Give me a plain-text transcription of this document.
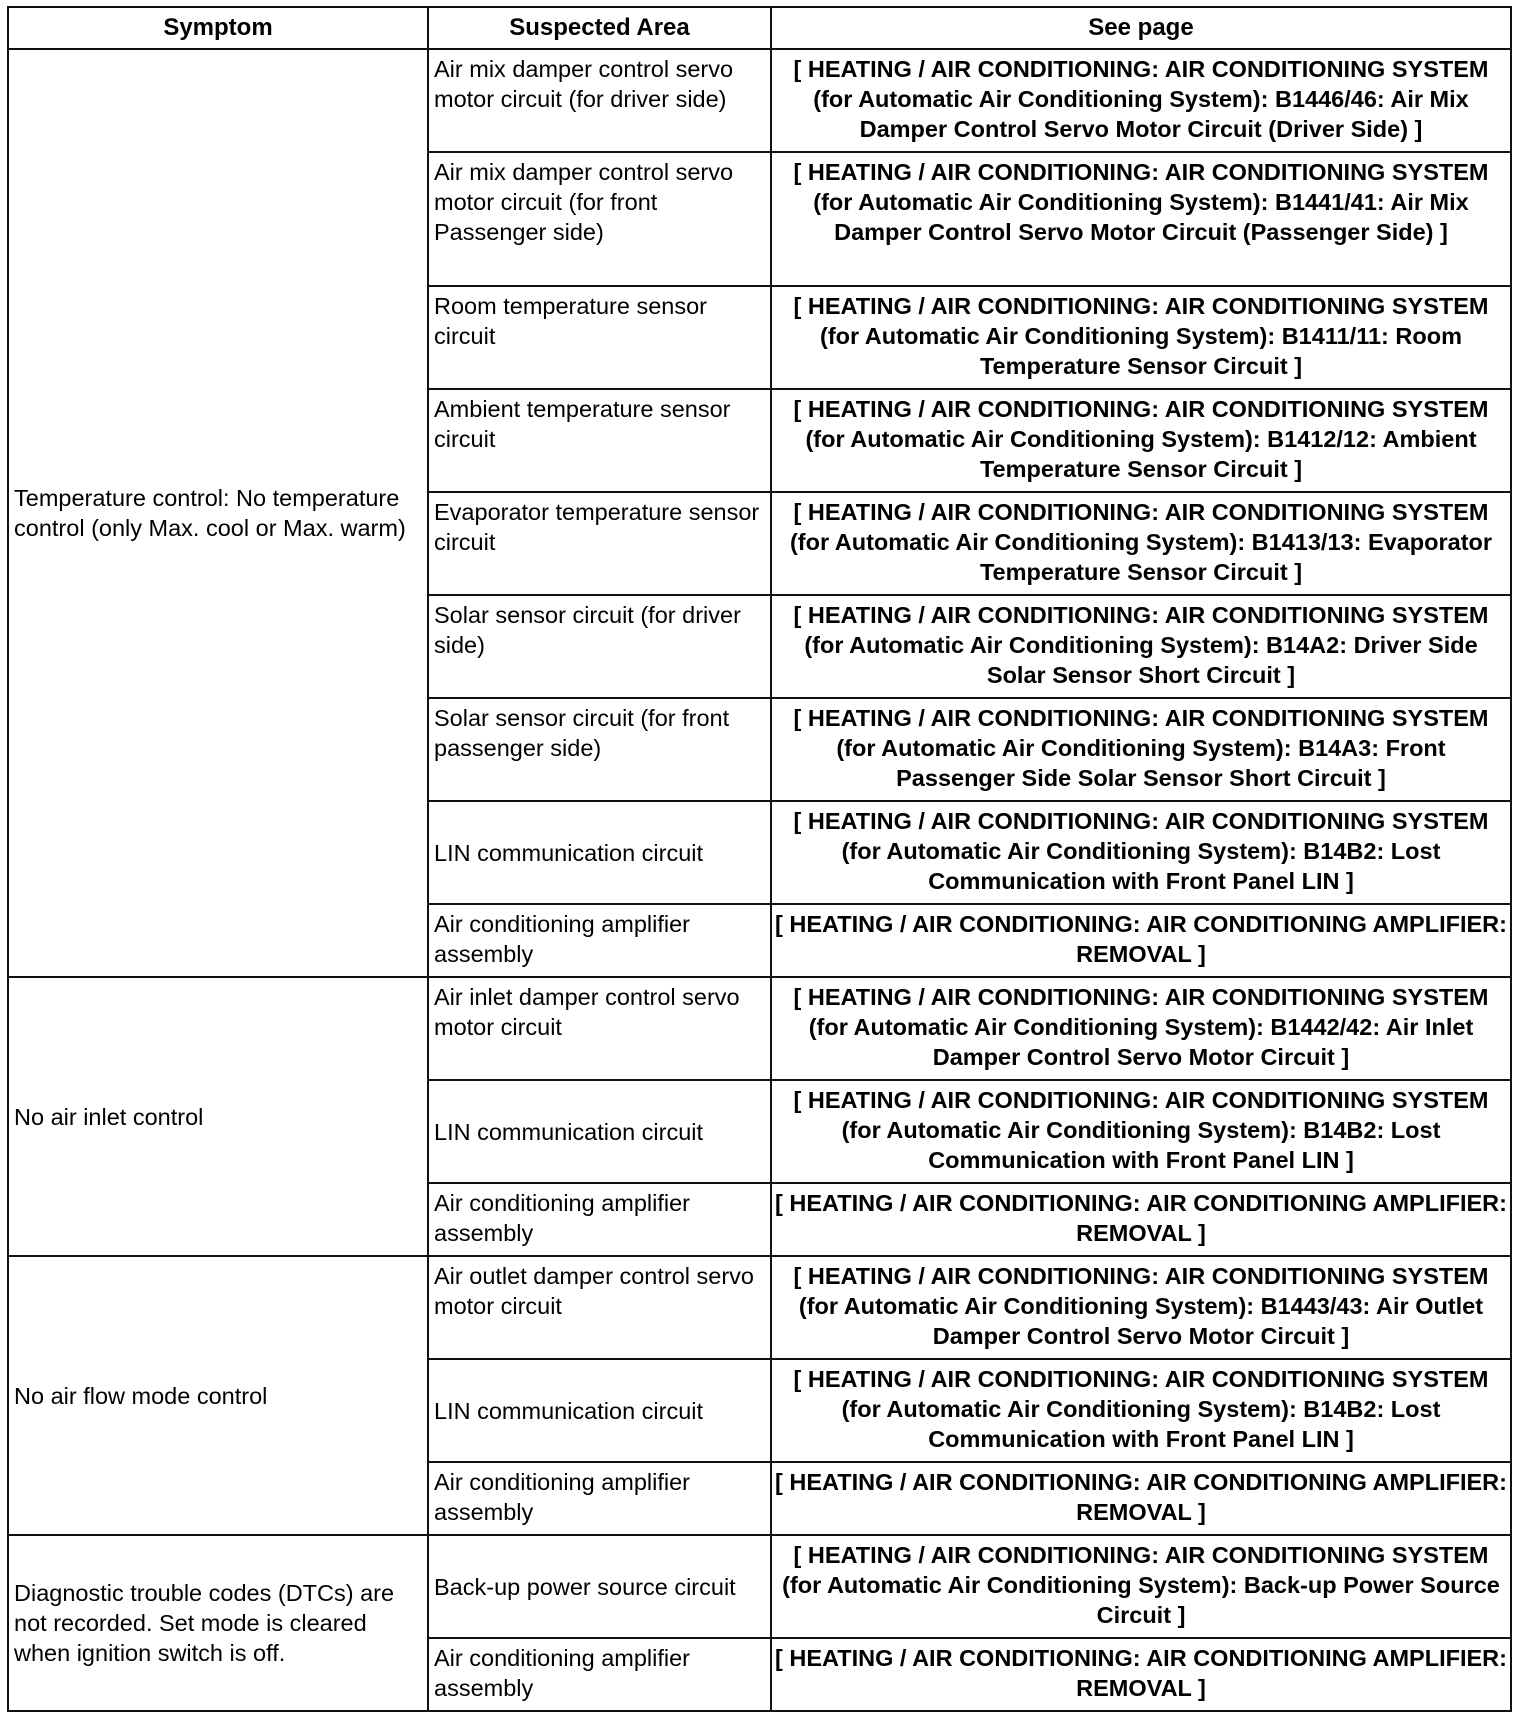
Symptom	Suspected Area	See page
Temperature control: No temperature control (only Max. cool or Max. warm)	Air mix damper control servo motor circuit (for driver side)	[ HEATING / AIR CONDITIONING: AIR CONDITIONING SYSTEM (for Automatic Air Conditioning System): B1446/46: Air Mix Damper Control Servo Motor Circuit (Driver Side) ]
	Air mix damper control servo motor circuit (for front Passenger side)	[ HEATING / AIR CONDITIONING: AIR CONDITIONING SYSTEM (for Automatic Air Conditioning System): B1441/41: Air Mix Damper Control Servo Motor Circuit (Passenger Side) ]
	Room temperature sensor circuit	[ HEATING / AIR CONDITIONING: AIR CONDITIONING SYSTEM (for Automatic Air Conditioning System): B1411/11: Room Temperature Sensor Circuit ]
	Ambient temperature sensor circuit	[ HEATING / AIR CONDITIONING: AIR CONDITIONING SYSTEM (for Automatic Air Conditioning System): B1412/12: Ambient Temperature Sensor Circuit ]
	Evaporator temperature sensor circuit	[ HEATING / AIR CONDITIONING: AIR CONDITIONING SYSTEM (for Automatic Air Conditioning System): B1413/13: Evaporator Temperature Sensor Circuit ]
	Solar sensor circuit (for driver side)	[ HEATING / AIR CONDITIONING: AIR CONDITIONING SYSTEM (for Automatic Air Conditioning System): B14A2: Driver Side Solar Sensor Short Circuit ]
	Solar sensor circuit (for front passenger side)	[ HEATING / AIR CONDITIONING: AIR CONDITIONING SYSTEM (for Automatic Air Conditioning System): B14A3: Front Passenger Side Solar Sensor Short Circuit ]
	LIN communication circuit	[ HEATING / AIR CONDITIONING: AIR CONDITIONING SYSTEM (for Automatic Air Conditioning System): B14B2: Lost Communication with Front Panel LIN ]
	Air conditioning amplifier assembly	[ HEATING / AIR CONDITIONING: AIR CONDITIONING AMPLIFIER: REMOVAL ]
No air inlet control	Air inlet damper control servo motor circuit	[ HEATING / AIR CONDITIONING: AIR CONDITIONING SYSTEM (for Automatic Air Conditioning System): B1442/42: Air Inlet Damper Control Servo Motor Circuit ]
	LIN communication circuit	[ HEATING / AIR CONDITIONING: AIR CONDITIONING SYSTEM (for Automatic Air Conditioning System): B14B2: Lost Communication with Front Panel LIN ]
	Air conditioning amplifier assembly	[ HEATING / AIR CONDITIONING: AIR CONDITIONING AMPLIFIER: REMOVAL ]
No air flow mode control	Air outlet damper control servo motor circuit	[ HEATING / AIR CONDITIONING: AIR CONDITIONING SYSTEM (for Automatic Air Conditioning System): B1443/43: Air Outlet Damper Control Servo Motor Circuit ]
	LIN communication circuit	[ HEATING / AIR CONDITIONING: AIR CONDITIONING SYSTEM (for Automatic Air Conditioning System): B14B2: Lost Communication with Front Panel LIN ]
	Air conditioning amplifier assembly	[ HEATING / AIR CONDITIONING: AIR CONDITIONING AMPLIFIER: REMOVAL ]
Diagnostic trouble codes (DTCs) are not recorded. Set mode is cleared when ignition switch is off.	Back-up power source circuit	[ HEATING / AIR CONDITIONING: AIR CONDITIONING SYSTEM (for Automatic Air Conditioning System): Back-up Power Source Circuit ]
	Air conditioning amplifier assembly	[ HEATING / AIR CONDITIONING: AIR CONDITIONING AMPLIFIER: REMOVAL ]
